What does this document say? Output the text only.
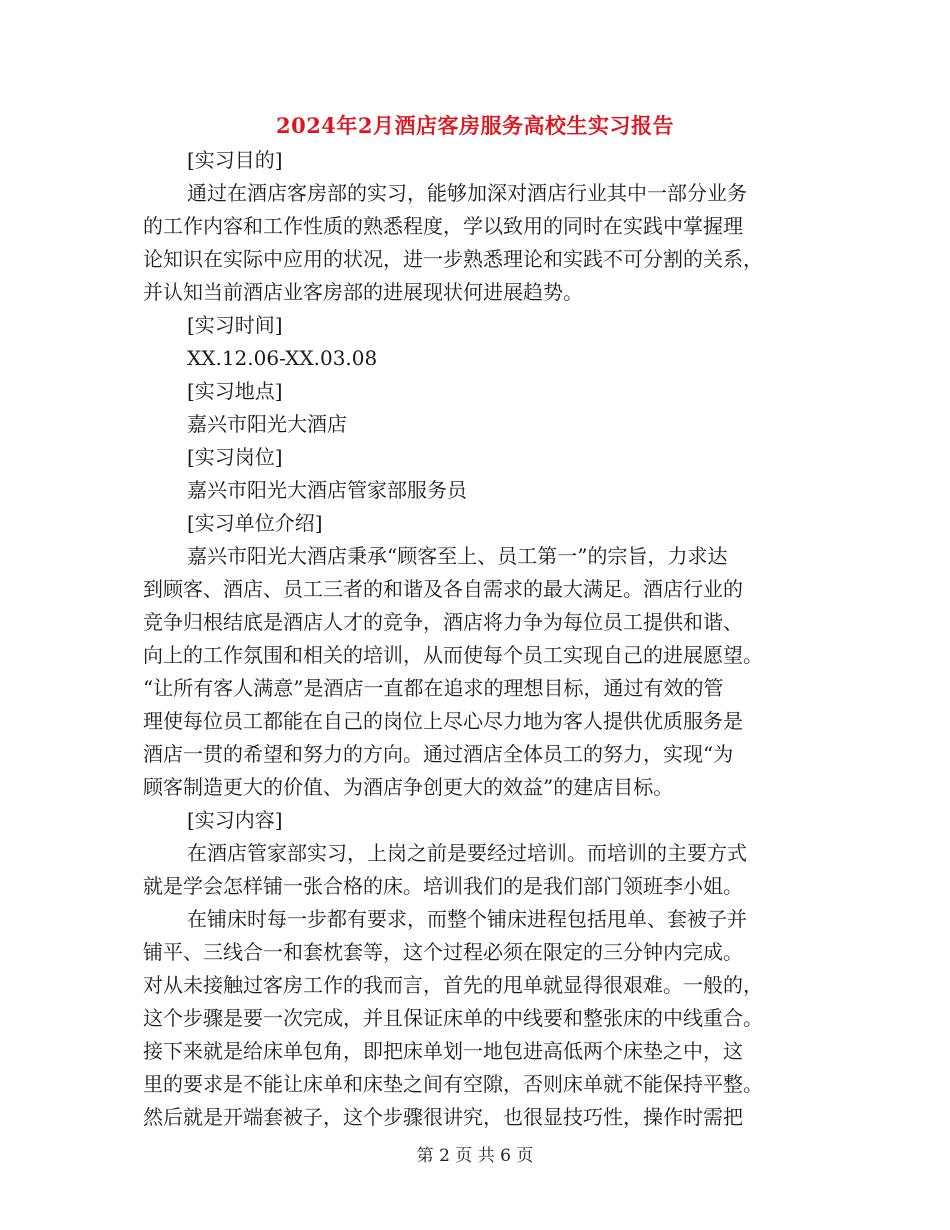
2024年2月酒店客房服务高校生实习报告

[实习目的]

通过在酒店客房部的实习，能够加深对酒店行业其中一部分业务

的工作内容和工作性质的熟悉程度，学以致用的同时在实践中掌握理

论知识在实际中应用的状况，进一步熟悉理论和实践不可分割的关系，

并认知当前酒店业客房部的进展现状何进展趋势。

[实习时间]

XX.12.06-XX.03.08

[实习地点]

嘉兴市阳光大酒店

[实习岗位]

嘉兴市阳光大酒店管家部服务员

[实习单位介绍]

嘉兴市阳光大酒店秉承“顾客至上、员工第一”的宗旨，力求达

到顾客、酒店、员工三者的和谐及各自需求的最大满足。酒店行业的

竞争归根结底是酒店人才的竞争，酒店将力争为每位员工提供和谐、

向上的工作氛围和相关的培训，从而使每个员工实现自己的进展愿望。

“让所有客人满意”是酒店一直都在追求的理想目标，通过有效的管

理使每位员工都能在自己的岗位上尽心尽力地为客人提供优质服务是

酒店一贯的希望和努力的方向。通过酒店全体员工的努力，实现“为

顾客制造更大的价值、为酒店争创更大的效益”的建店目标。

[实习内容]

在酒店管家部实习，上岗之前是要经过培训。而培训的主要方式

就是学会怎样铺一张合格的床。培训我们的是我们部门领班李小姐。

在铺床时每一步都有要求，而整个铺床进程包括甩单、套被子并

铺平、三线合一和套枕套等，这个过程必须在限定的三分钟内完成。

对从未接触过客房工作的我而言，首先的甩单就显得很艰难。一般的，

这个步骤是要一次完成，并且保证床单的中线要和整张床的中线重合。

接下来就是给床单包角，即把床单划一地包进高低两个床垫之中，这

里的要求是不能让床单和床垫之间有空隙，否则床单就不能保持平整。

然后就是开端套被子，这个步骤很讲究，也很显技巧性，操作时需把

第 2 页 共 6 页
